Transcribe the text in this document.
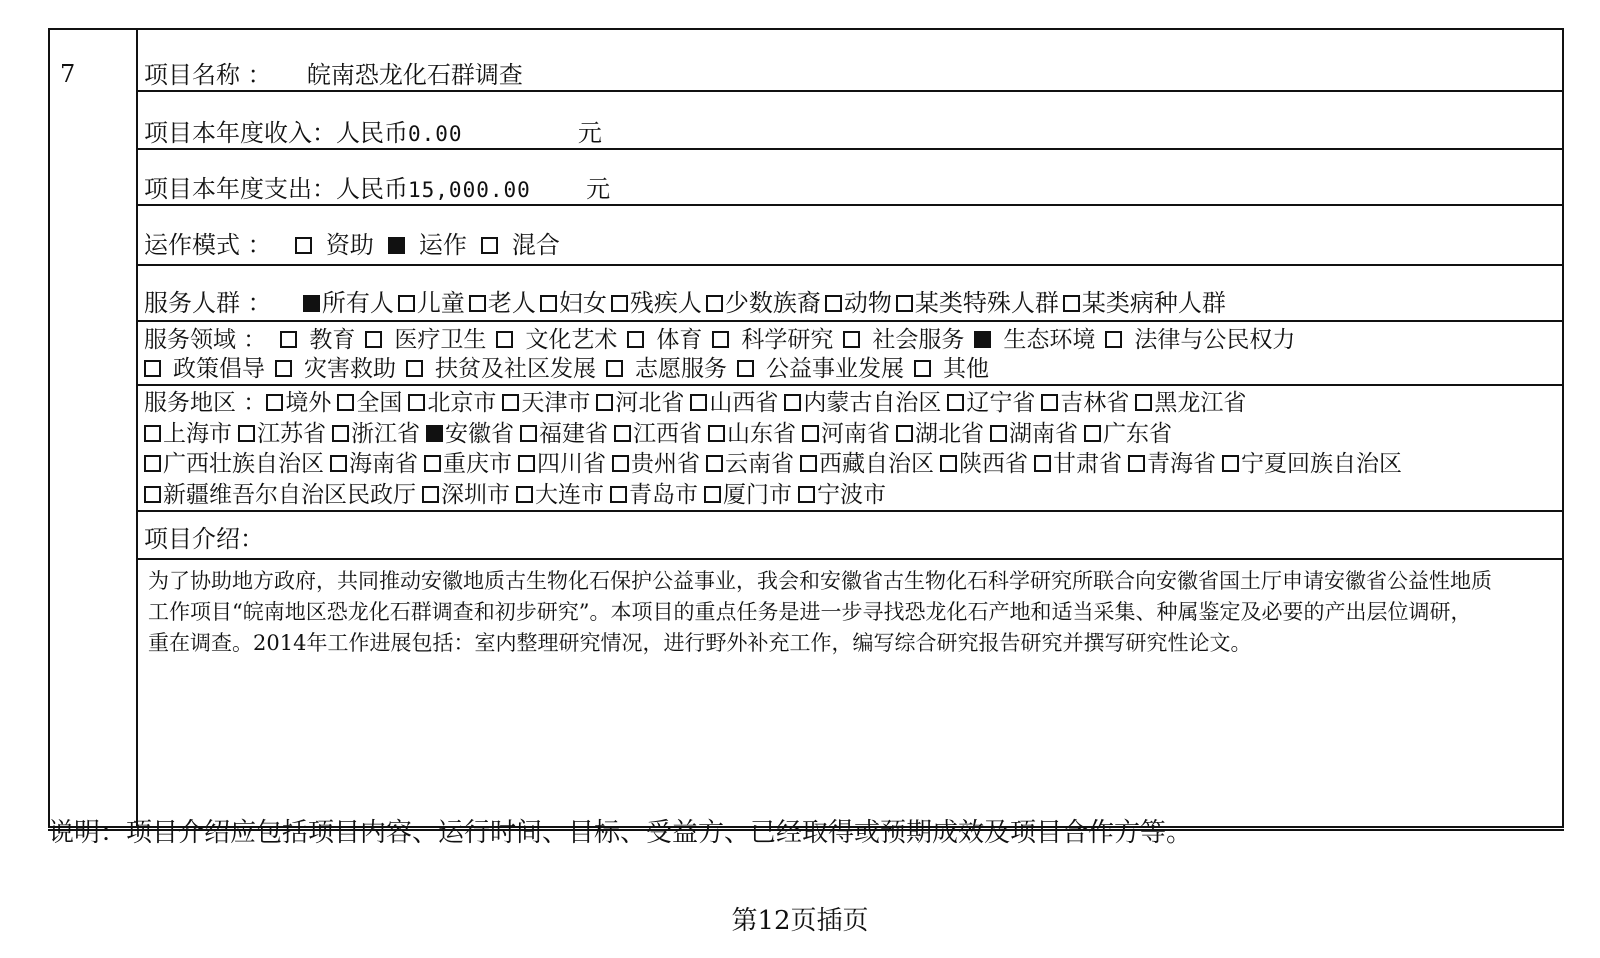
7	项目名称 ： 皖南恐龙化石群调查
项目本年度收入：人民币0.00	元
项目本年度支出：人民币15,000.00 元
运作模式 ： 资助 运作 混合
服务人群 ： 所有人 儿童 老人 妇女 残疾人 少数族裔 动物 某类特殊人群 某类病种人群
服务领域 ： 教育 医疗卫生 文化艺术 体育 科学研究 社会服务 生态环境 法律与公民权力
政策倡导 灾害救助 扶贫及社区发展 志愿服务 公益事业发展 其他
服务地区 ： 境外 全国 北京市 天津市 河北省 山西省 内蒙古自治区 辽宁省 吉林省 黑龙江省
上海市 江苏省 浙江省 安徽省 福建省 江西省 山东省 河南省 湖北省 湖南省 广东省
广西壮族自治区 海南省 重庆市 四川省 贵州省 云南省 西藏自治区 陕西省 甘肃省 青海省 宁夏回族自治区
新疆维吾尔自治区民政厅 深圳市 大连市 青岛市 厦门市 宁波市
项目介绍：
为了协助地方政府，共同推动安徽地质古生物化石保护公益事业，我会和安徽省古生物化石科学研究所联合向安徽省国土厅申请安徽省公益性地质工作项目“皖南地区恐龙化石群调查和初步研究”。本项目的重点任务是进一步寻找恐龙化石产地和适当采集、种属鉴定及必要的产出层位调研，重在调查。2014年工作进展包括：室内整理研究情况，进行野外补充工作，编写综合研究报告研究并撰写研究性论文。
说明：项目介绍应包括项目内容、运行时间、目标、受益方、已经取得或预期成效及项目合作方等。
第12页插页
